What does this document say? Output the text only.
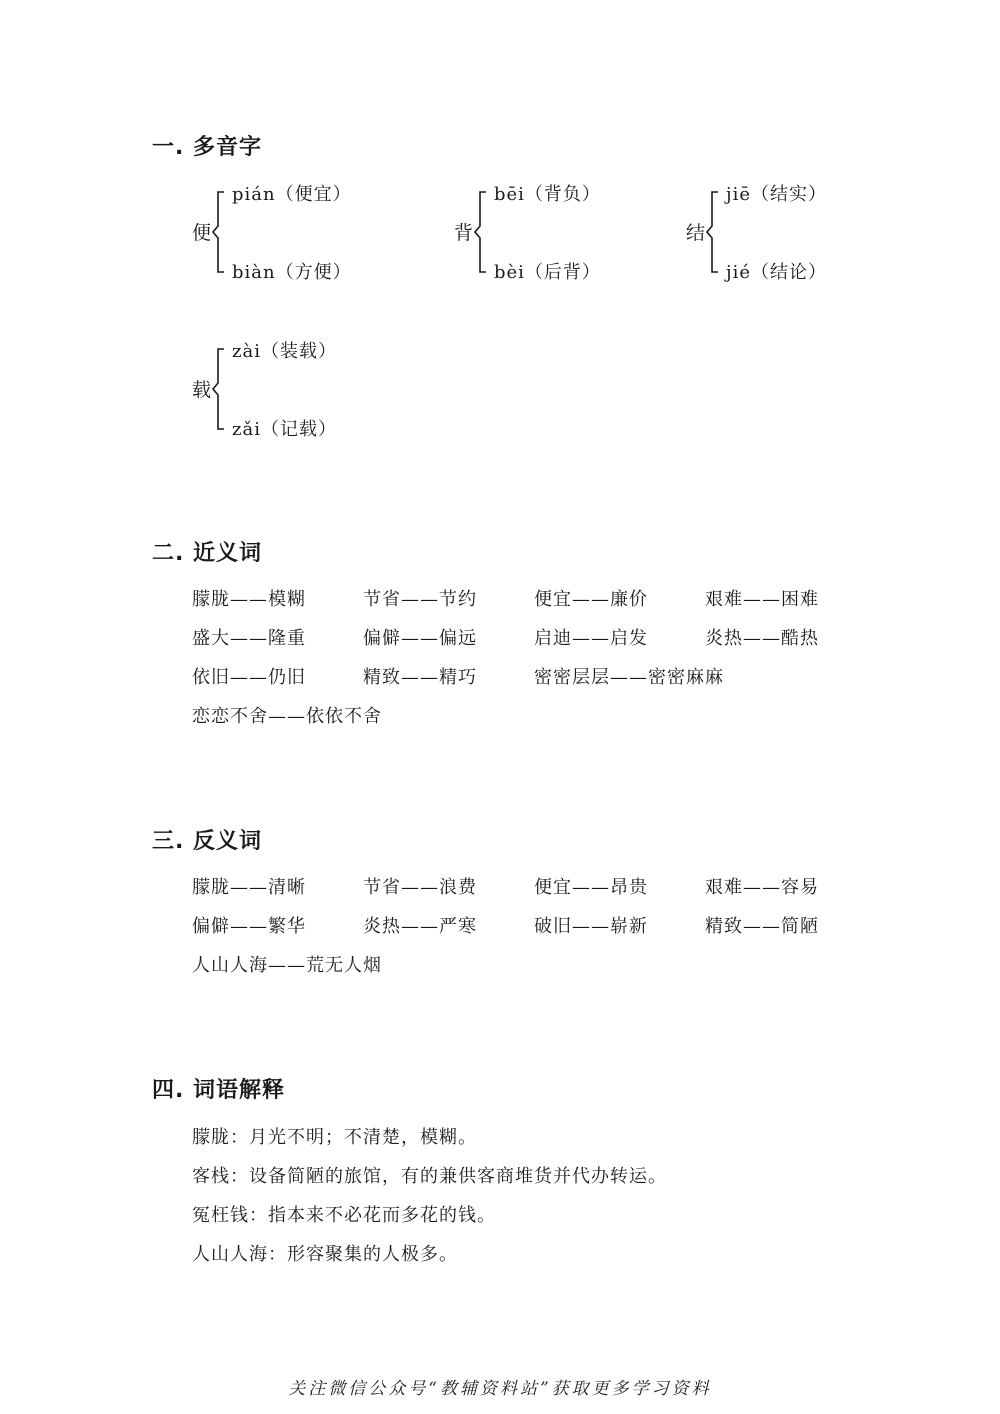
一. 多音字
便
pián（便宜）
biàn（方便）
背
bēi（背负）
bèi（后背）
结
jiē（结实）
jié（结论）
载
zài（装载）
zǎi（记载）
二. 近义词
朦胧——模糊	节省——节约	便宜——廉价	艰难——困难
盛大——隆重	偏僻——偏远	启迪——启发	炎热——酷热
依旧——仍旧	精致——精巧	密密层层——密密麻麻
恋恋不舍——依依不舍
三. 反义词
朦胧——清晰	节省——浪费	便宜——昂贵	艰难——容易
偏僻——繁华	炎热——严寒	破旧——崭新	精致——简陋
人山人海——荒无人烟
四. 词语解释
朦胧：月光不明；不清楚，模糊。
客栈：设备简陋的旅馆，有的兼供客商堆货并代办转运。
冤枉钱：指本来不必花而多花的钱。
人山人海：形容聚集的人极多。
关注微信公众号“教辅资料站”获取更多学习资料
